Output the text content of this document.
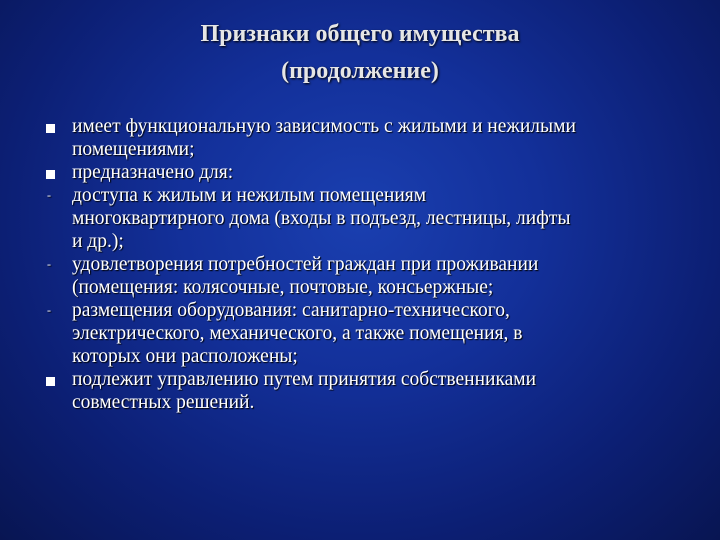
Признаки общего имущества
(продолжение)
имеет функциональную зависимость с жилыми и нежилыми
помещениями;
предназначено для:
-	доступа к жилым и нежилым помещениям
многоквартирного дома (входы в подъезд, лестницы, лифты
и др.);
-	удовлетворения потребностей граждан при проживании
(помещения: колясочные, почтовые, консьержные;
-	размещения оборудования: санитарно-технического,
электрического, механического, а также помещения, в
которых они расположены;
подлежит управлению путем принятия собственниками
совместных решений.
